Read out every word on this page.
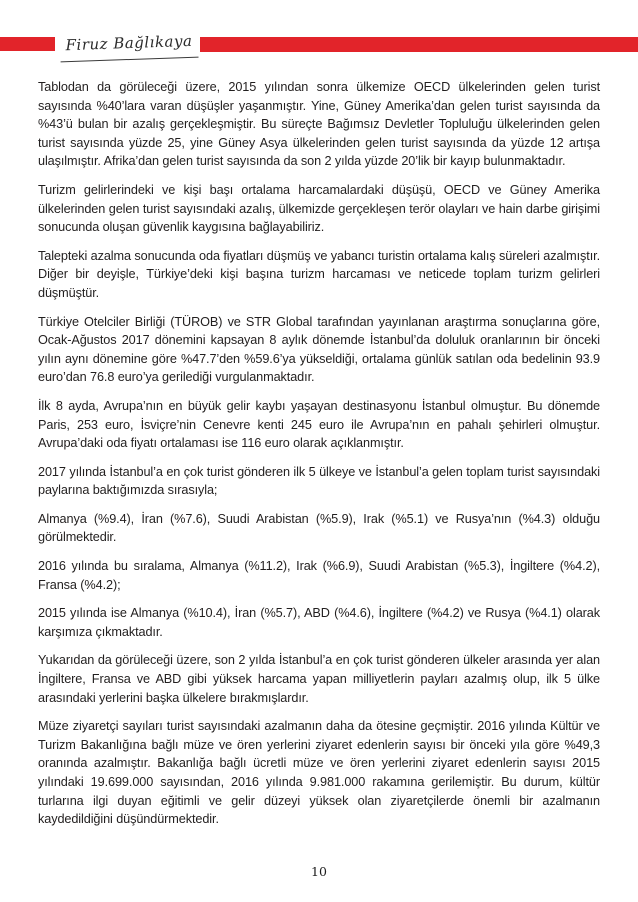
Firuz Bağlıkaya

Tablodan da görüleceği üzere, 2015 yılından sonra ülkemize OECD ülkelerinden gelen turist sayısında %40’lara varan düşüşler yaşanmıştır. Yine, Güney Amerika’dan gelen turist sayısında da %43’ü bulan bir azalış gerçekleşmiştir. Bu süreçte Bağımsız Devletler Topluluğu ülkelerinden gelen turist sayısında yüzde 25, yine Güney Asya ülkelerinden gelen turist sayısında da yüzde 12 artışa ulaşılmıştır. Afrika’dan gelen turist sayısında da son 2 yılda yüzde 20’lik bir kayıp bulunmaktadır.

Turizm gelirlerindeki ve kişi başı ortalama harcamalardaki düşüşü, OECD ve Güney Amerika ülkelerinden gelen turist sayısındaki azalış, ülkemizde gerçekleşen terör olayları ve hain darbe girişimi sonucunda oluşan güvenlik kaygısına bağlayabiliriz.

Talepteki azalma sonucunda oda fiyatları düşmüş ve yabancı turistin ortalama kalış süreleri azalmıştır. Diğer bir deyişle, Türkiye’deki kişi başına turizm harcaması ve neticede toplam turizm gelirleri düşmüştür.

Türkiye Otelciler Birliği (TÜROB) ve STR Global tarafından yayınlanan araştırma sonuçlarına göre, Ocak-Ağustos 2017 dönemini kapsayan 8 aylık dönemde İstanbul’da doluluk oranlarının bir önceki yılın aynı dönemine göre %47.7’den %59.6’ya yükseldiği, ortalama günlük satılan oda bedelinin 93.9 euro’dan 76.8 euro’ya gerilediği vurgulanmaktadır.

İlk 8 ayda, Avrupa’nın en büyük gelir kaybı yaşayan destinasyonu İstanbul olmuştur. Bu dönemde Paris, 253 euro, İsviçre’nin Cenevre kenti 245 euro ile Avrupa’nın en pahalı şehirleri olmuştur. Avrupa’daki oda fiyatı ortalaması ise 116 euro olarak açıklanmıştır.

2017 yılında İstanbul’a en çok turist gönderen ilk 5 ülkeye ve İstanbul’a gelen toplam turist sayısındaki paylarına baktığımızda sırasıyla;

Almanya (%9.4), İran (%7.6), Suudi Arabistan (%5.9), Irak (%5.1) ve Rusya’nın (%4.3) olduğu görülmektedir.

2016 yılında bu sıralama, Almanya (%11.2), Irak (%6.9), Suudi Arabistan (%5.3), İngiltere (%4.2), Fransa (%4.2);

2015 yılında ise Almanya (%10.4), İran (%5.7), ABD (%4.6), İngiltere (%4.2) ve Rusya (%4.1) olarak karşımıza çıkmaktadır.

Yukarıdan da görüleceği üzere, son 2 yılda İstanbul’a en çok turist gönderen ülkeler arasında yer alan İngiltere, Fransa ve ABD gibi yüksek harcama yapan milliyetlerin payları azalmış olup, ilk 5 ülke arasındaki yerlerini başka ülkelere bırakmışlardır.

Müze ziyaretçi sayıları turist sayısındaki azalmanın daha da ötesine geçmiştir. 2016 yılında Kültür ve Turizm Bakanlığına bağlı müze ve ören yerlerini ziyaret edenlerin sayısı bir önceki yıla göre %49,3 oranında azalmıştır. Bakanlığa bağlı ücretli müze ve ören yerlerini ziyaret edenlerin sayısı 2015 yılındaki 19.699.000 sayısından, 2016 yılında 9.981.000 rakamına gerilemiştir. Bu durum, kültür turlarına ilgi duyan eğitimli ve gelir düzeyi yüksek olan ziyaretçilerde önemli bir azalmanın kaydedildiğini düşündürmektedir.

10
